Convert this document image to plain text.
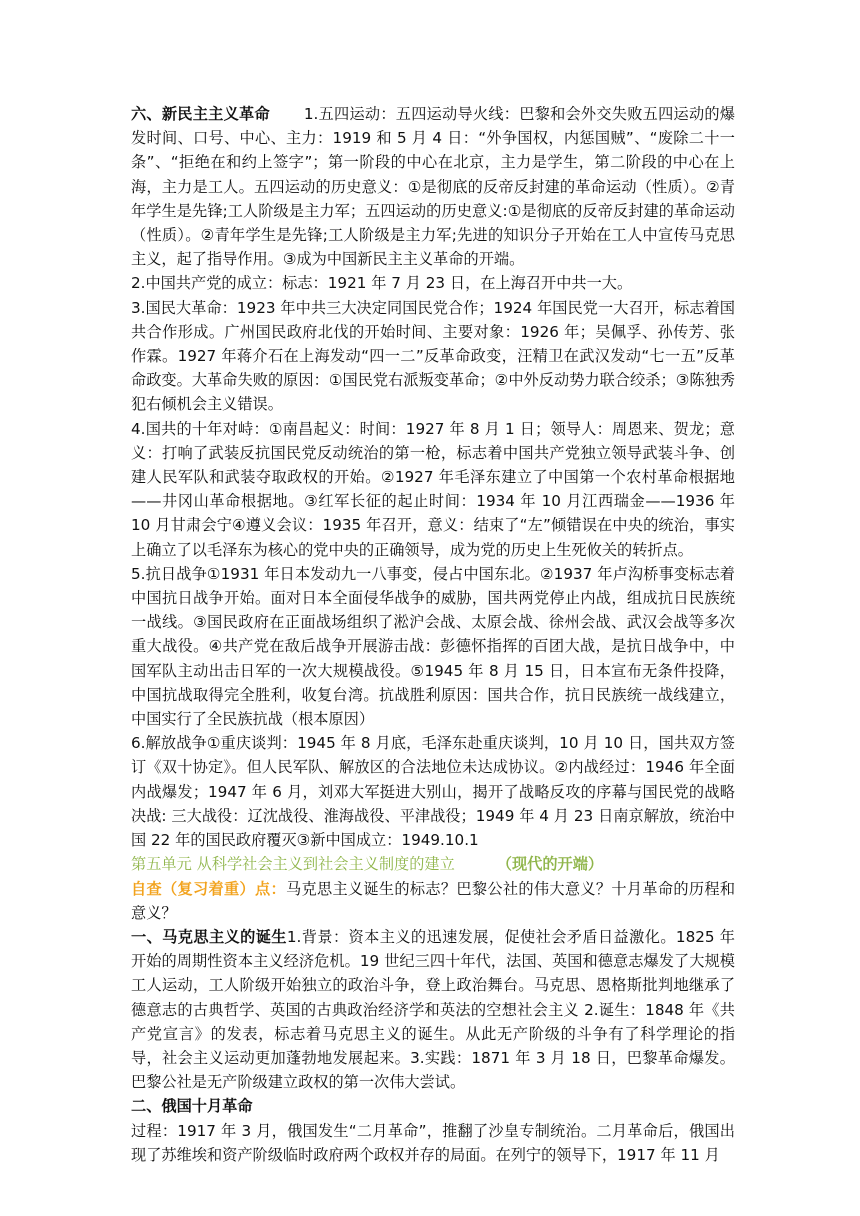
六、新民主主义革命 1.五四运动：五四运动导火线：巴黎和会外交失败五四运动的爆发时间、口号、中心、主力：1919 和 5 月 4 日：“外争国权，内惩国贼”、“废除二十一条”、“拒绝在和约上签字”；第一阶段的中心在北京，主力是学生，第二阶段的中心在上海，主力是工人。五四运动的历史意义：①是彻底的反帝反封建的革命运动（性质）。②青年学生是先锋;工人阶级是主力军；五四运动的历史意义:①是彻底的反帝反封建的革命运动（性质）。②青年学生是先锋;工人阶级是主力军;先进的知识分子开始在工人中宣传马克思主义，起了指导作用。③成为中国新民主主义革命的开端。

2.中国共产党的成立：标志：1921 年 7 月 23 日，在上海召开中共一大。

3.国民大革命：1923 年中共三大决定同国民党合作；1924 年国民党一大召开，标志着国共合作形成。广州国民政府北伐的开始时间、主要对象：1926 年；吴佩孚、孙传芳、张作霖。1927 年蒋介石在上海发动“四一二”反革命政变，汪精卫在武汉发动“七一五”反革命政变。大革命失败的原因：①国民党右派叛变革命；②中外反动势力联合绞杀；③陈独秀犯右倾机会主义错误。

4.国共的十年对峙：①南昌起义：时间：1927 年 8 月 1 日；领导人：周恩来、贺龙；意义：打响了武装反抗国民党反动统治的第一枪，标志着中国共产党独立领导武装斗争、创建人民军队和武装夺取政权的开始。②1927 年毛泽东建立了中国第一个农村革命根据地——井冈山革命根据地。③红军长征的起止时间：1934 年 10 月江西瑞金——1936 年 10 月甘肃会宁④遵义会议：1935 年召开，意义：结束了“左”倾错误在中央的统治，事实上确立了以毛泽东为核心的党中央的正确领导，成为党的历史上生死攸关的转折点。

5.抗日战争①1931 年日本发动九一八事变，侵占中国东北。②1937 年卢沟桥事变标志着中国抗日战争开始。面对日本全面侵华战争的威胁，国共两党停止内战，组成抗日民族统一战线。③国民政府在正面战场组织了淞沪会战、太原会战、徐州会战、武汉会战等多次重大战役。④共产党在敌后战争开展游击战：彭德怀指挥的百团大战，是抗日战争中，中国军队主动出击日军的一次大规模战役。⑤1945 年 8 月 15 日，日本宣布无条件投降，中国抗战取得完全胜利，收复台湾。抗战胜利原因：国共合作，抗日民族统一战线建立，中国实行了全民族抗战（根本原因）

6.解放战争①重庆谈判：1945 年 8 月底，毛泽东赴重庆谈判，10 月 10 日，国共双方签订《双十协定》。但人民军队、解放区的合法地位未达成协议。②内战经过：1946 年全面内战爆发；1947 年 6 月，刘邓大军挺进大别山，揭开了战略反攻的序幕与国民党的战略决战: 三大战役：辽沈战役、淮海战役、平津战役；1949 年 4 月 23 日南京解放，统治中国 22 年的国民政府覆灭③新中国成立：1949.10.1

第五单元 从科学社会主义到社会主义制度的建立	（现代的开端）

自查（复习着重）点：马克思主义诞生的标志？巴黎公社的伟大意义？十月革命的历程和意义？

一、马克思主义的诞生1.背景：资本主义的迅速发展，促使社会矛盾日益激化。1825 年开始的周期性资本主义经济危机。19 世纪三四十年代，法国、英国和德意志爆发了大规模工人运动，工人阶级开始独立的政治斗争，登上政治舞台。马克思、恩格斯批判地继承了德意志的古典哲学、英国的古典政治经济学和英法的空想社会主义 2.诞生：1848 年《共产党宣言》的发表，标志着马克思主义的诞生。从此无产阶级的斗争有了科学理论的指导，社会主义运动更加蓬勃地发展起来。3.实践：1871 年 3 月 18 日，巴黎革命爆发。巴黎公社是无产阶级建立政权的第一次伟大尝试。

二、俄国十月革命

过程：1917 年 3 月，俄国发生“二月革命”，推翻了沙皇专制统治。二月革命后，俄国出现了苏维埃和资产阶级临时政府两个政权并存的局面。在列宁的领导下，1917 年 11 月
